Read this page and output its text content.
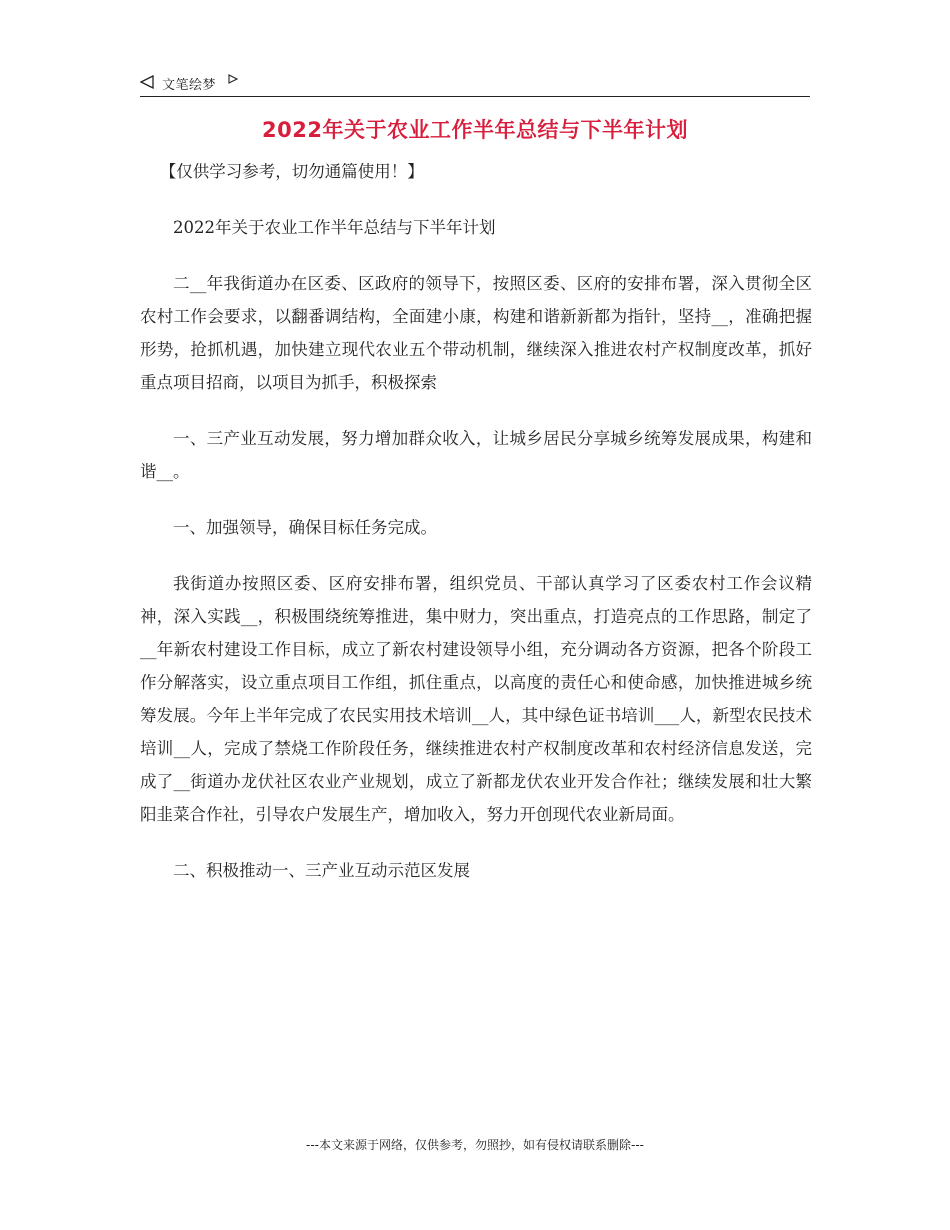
文笔绘梦
2022年关于农业工作半年总结与下半年计划

【仅供学习参考，切勿通篇使用！】

2022年关于农业工作半年总结与下半年计划

二__年我街道办在区委、区政府的领导下，按照区委、区府的安排布署，深入贯彻全区农村工作会要求，以翻番调结构，全面建小康，构建和谐新新都为指针，坚持__，准确把握形势，抢抓机遇，加快建立现代农业五个带动机制，继续深入推进农村产权制度改革，抓好重点项目招商，以项目为抓手，积极探索

一、三产业互动发展，努力增加群众收入，让城乡居民分享城乡统筹发展成果，构建和谐__。

一、加强领导，确保目标任务完成。

我街道办按照区委、区府安排布署，组织党员、干部认真学习了区委农村工作会议精神，深入实践__，积极围绕统筹推进，集中财力，突出重点，打造亮点的工作思路，制定了__年新农村建设工作目标，成立了新农村建设领导小组，充分调动各方资源，把各个阶段工作分解落实，设立重点项目工作组，抓住重点，以高度的责任心和使命感，加快推进城乡统筹发展。今年上半年完成了农民实用技术培训__人，其中绿色证书培训___人，新型农民技术培训__人，完成了禁烧工作阶段任务，继续推进农村产权制度改革和农村经济信息发送，完成了__街道办龙伏社区农业产业规划，成立了新都龙伏农业开发合作社；继续发展和壮大繁阳韭菜合作社，引导农户发展生产，增加收入，努力开创现代农业新局面。

二、积极推动一、三产业互动示范区发展

---本文来源于网络，仅供参考，勿照抄，如有侵权请联系删除---
